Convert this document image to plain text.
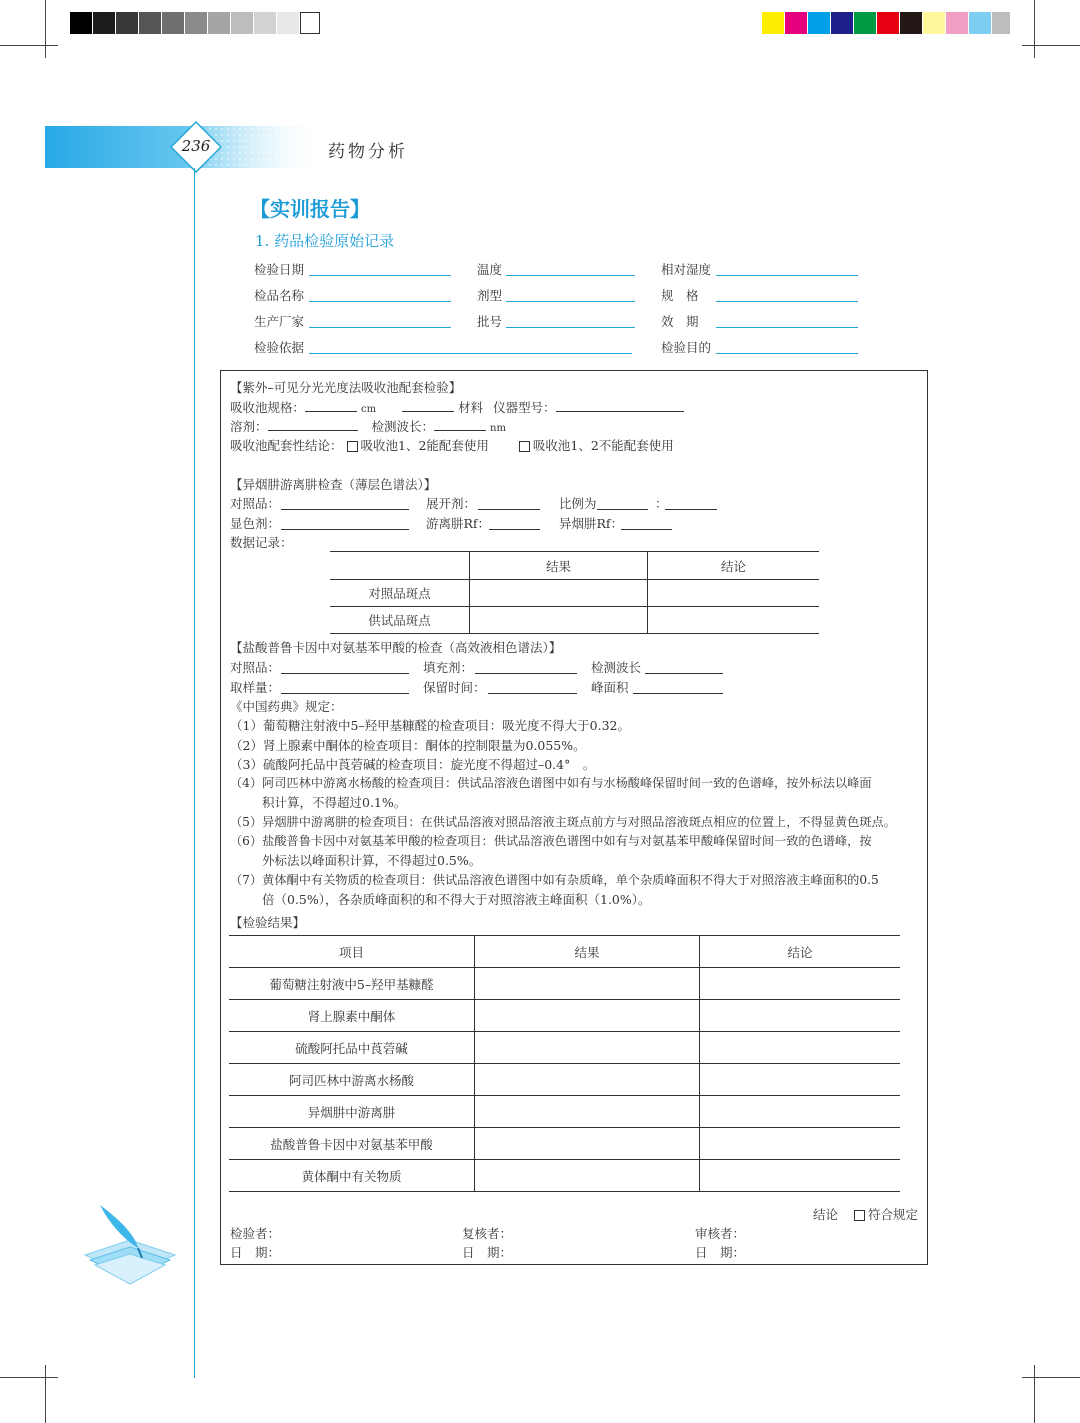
236	药物分析
【实训报告】
1. 药品检验原始记录
检验日期	温度	相对湿度
检品名称	剂型	规　格
生产厂家	批号	效　期
检验依据	检验目的
【紫外–可见分光光度法吸收池配套检验】
吸收池规格：	cm	材料 仪器型号：
溶剂：	检测波长：	nm
吸收池配套性结论： 吸收池1、2能配套使用	吸收池1、2不能配套使用
【异烟肼游离肼检查（薄层色谱法）】
对照品：	展开剂：	比例为	：
显色剂：	游离肼Rf：	异烟肼Rf：
数据记录：
	结果	结论
对照品斑点		
供试品斑点		
【盐酸普鲁卡因中对氨基苯甲酸的检查（高效液相色谱法）】
对照品：	填充剂：	检测波长
取样量：	保留时间：	峰面积
《中国药典》规定：
（1）葡萄糖注射液中5–羟甲基糠醛的检查项目：吸光度不得大于0.32。
（2）肾上腺素中酮体的检查项目：酮体的控制限量为0.055%。
（3）硫酸阿托品中莨菪碱的检查项目：旋光度不得超过–0.4°　。
（4）阿司匹林中游离水杨酸的检查项目：供试品溶液色谱图中如有与水杨酸峰保留时间一致的色谱峰，按外标法以峰面
积计算，不得超过0.1%。
（5）异烟肼中游离肼的检查项目：在供试品溶液对照品溶液主斑点前方与对照品溶液斑点相应的位置上，不得显黄色斑点。
（6）盐酸普鲁卡因中对氨基苯甲酸的检查项目：供试品溶液色谱图中如有与对氨基苯甲酸峰保留时间一致的色谱峰，按
外标法以峰面积计算，不得超过0.5%。
（7）黄体酮中有关物质的检查项目：供试品溶液色谱图中如有杂质峰，单个杂质峰面积不得大于对照溶液主峰面积的0.5
倍（0.5%），各杂质峰面积的和不得大于对照溶液主峰面积（1.0%）。
【检验结果】
项目	结果	结论
葡萄糖注射液中5–羟甲基糠醛		
肾上腺素中酮体		
硫酸阿托品中莨菪碱		
阿司匹林中游离水杨酸		
异烟肼中游离肼		
盐酸普鲁卡因中对氨基苯甲酸		
黄体酮中有关物质		
结论 符合规定
检验者：	复核者：	审核者：
日　期：	日　期：	日　期：
